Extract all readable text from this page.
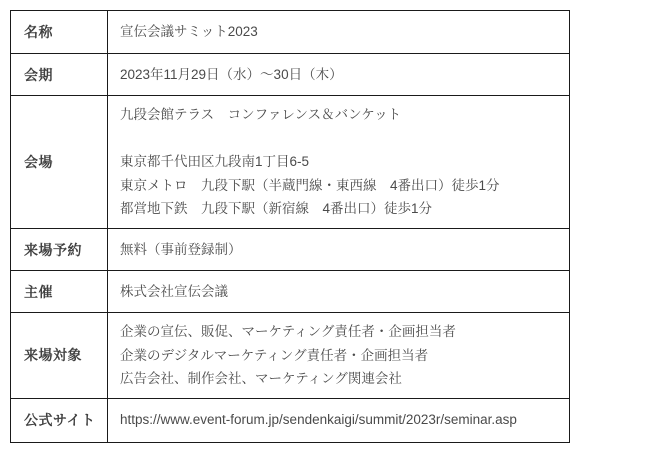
名称	宣伝会議サミット2023

会期	2023年11月29日（水）～30日（木）

会場	九段会館テラス　コンファレンス＆バンケット
東京都千代田区九段南1丁目6-5
東京メトロ　九段下駅（半蔵門線・東西線　4番出口）徒歩1分
都営地下鉄　九段下駅（新宿線　4番出口）徒歩1分

来場予約	無料（事前登録制）

主催	株式会社宣伝会議

来場対象	企業の宣伝、販促、マーケティング責任者・企画担当者
企業のデジタルマーケティング責任者・企画担当者
広告会社、制作会社、マーケティング関連会社

公式サイト	https://www.event-forum.jp/sendenkaigi/summit/2023r/seminar.asp
